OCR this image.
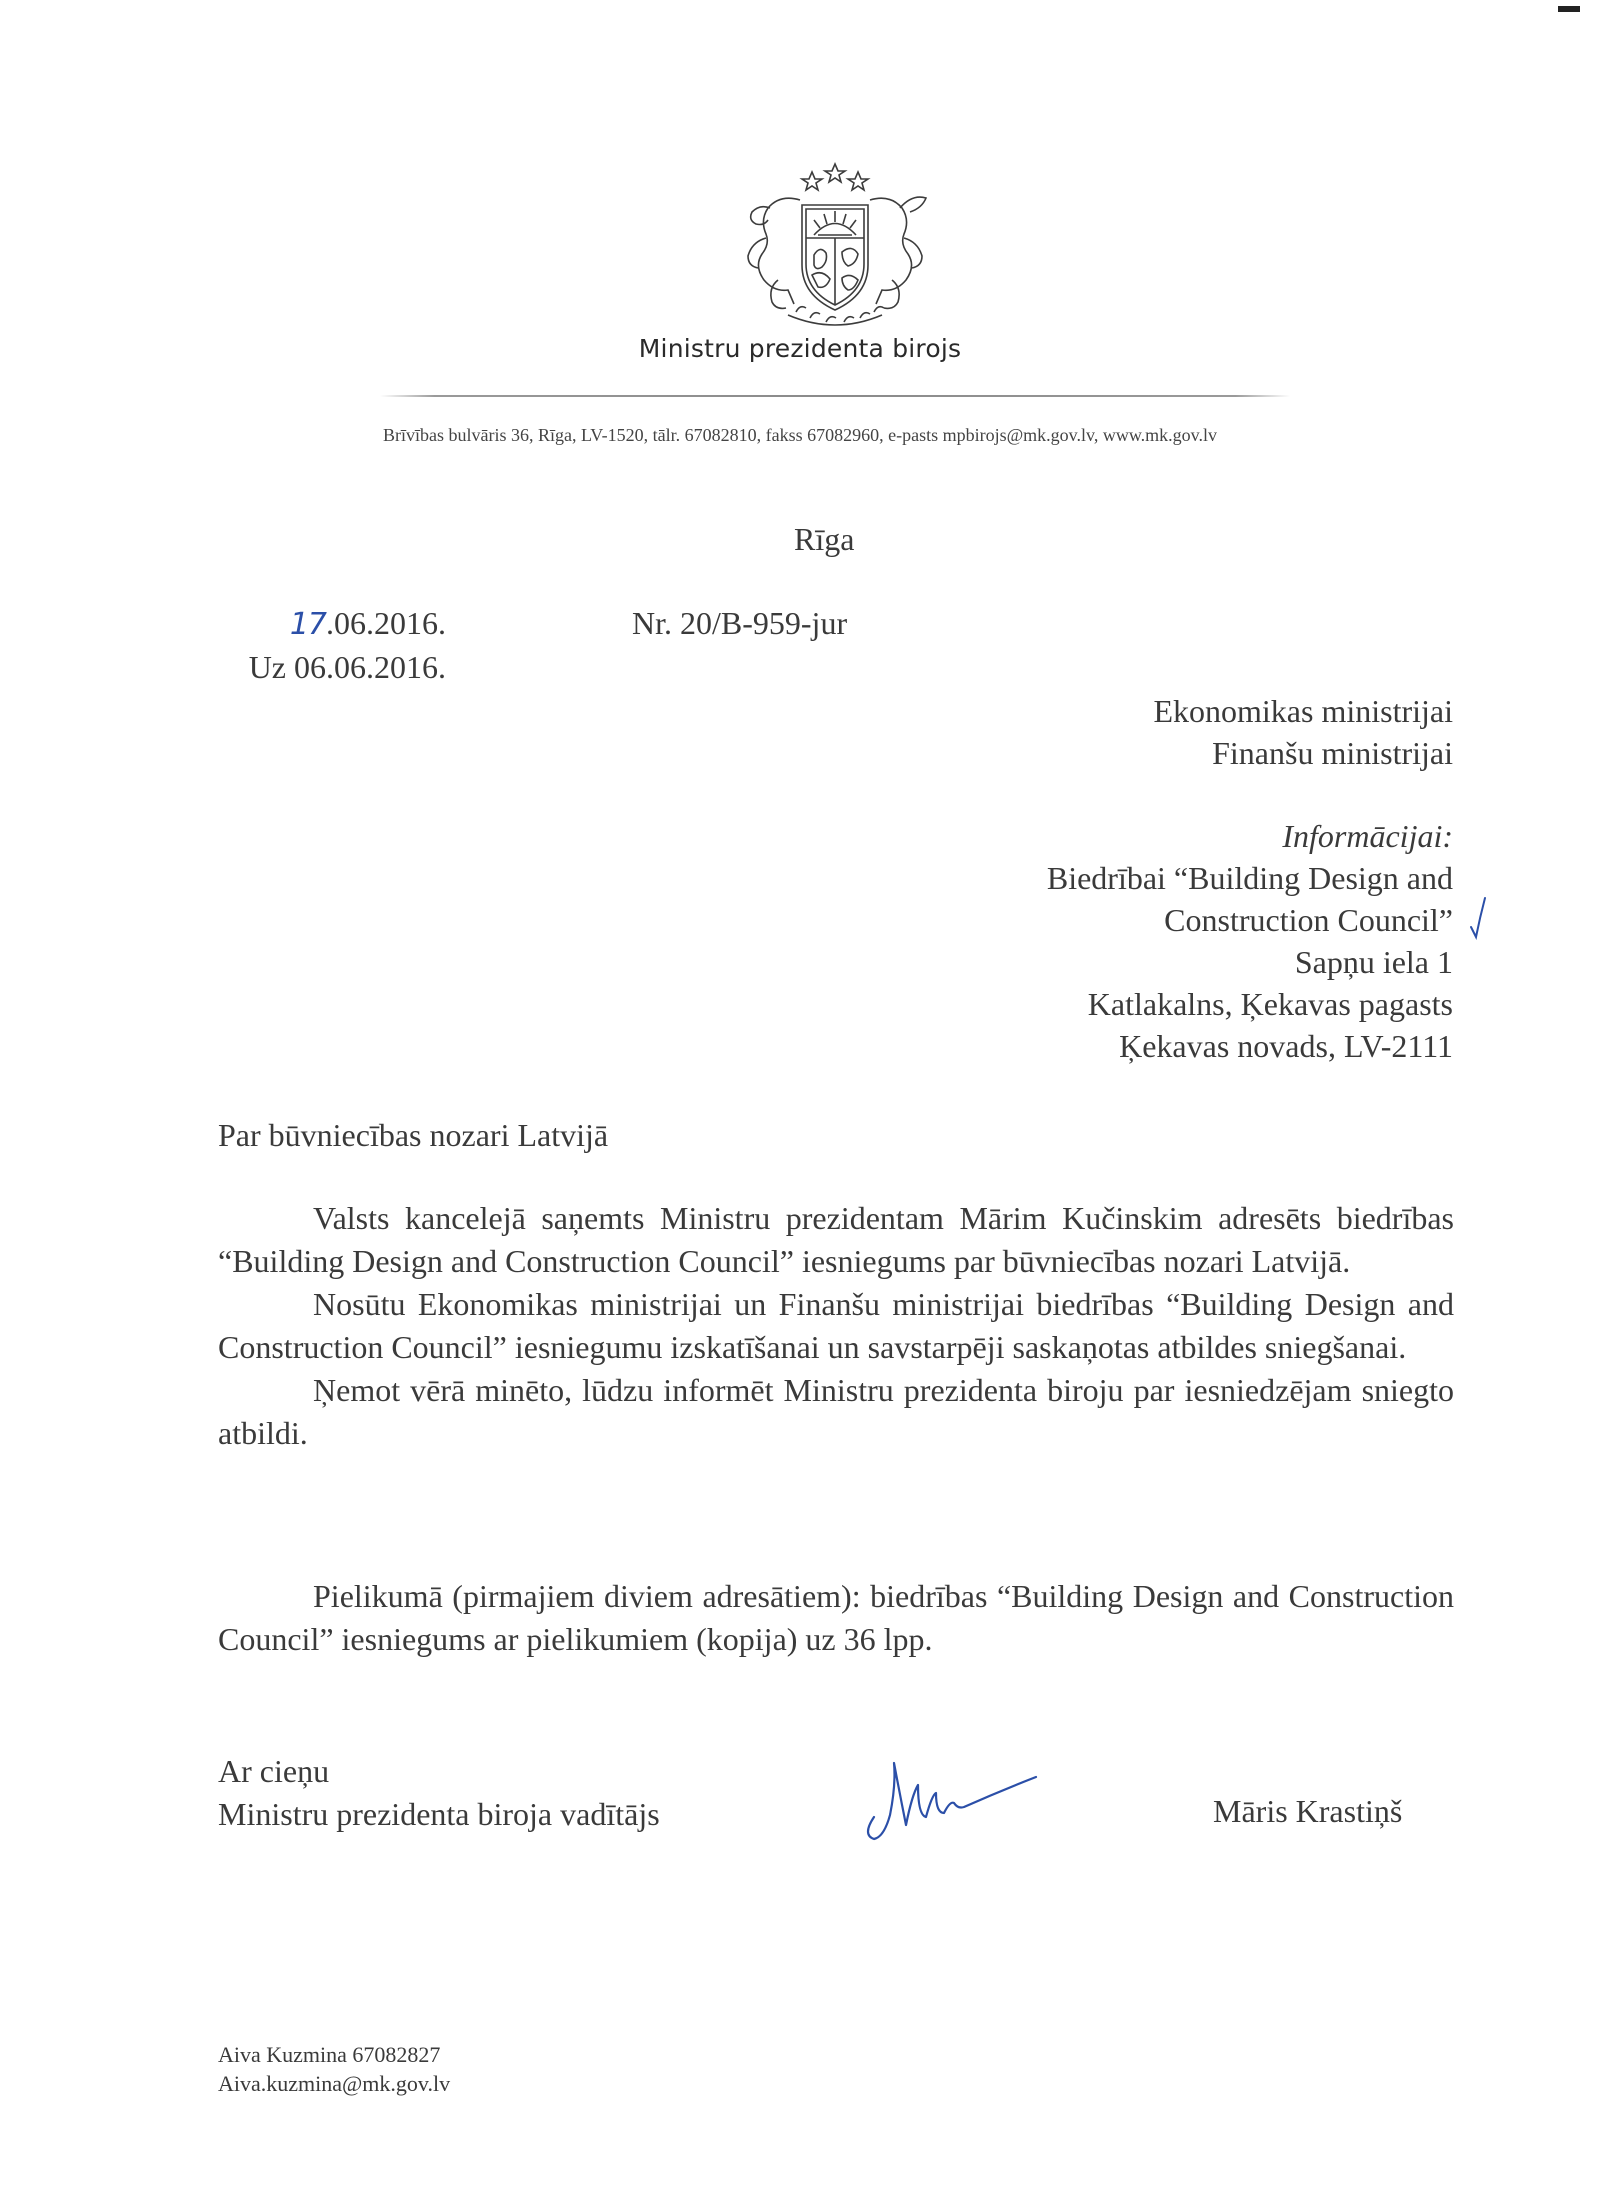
Ministru prezidenta birojs
Brīvības bulvāris 36, Rīga, LV-1520, tālr. 67082810, fakss 67082960, e-pasts mpbirojs@mk.gov.lv, www.mk.gov.lv
Rīga
17.06.2016.
Uz 06.06.2016.
Nr. 20/B-959-jur
Ekonomikas ministrijai
Finanšu ministrijai
Informācijai:
Biedrībai “Building Design and
Construction Council”
Sapņu iela 1
Katlakalns, Ķekavas pagasts
Ķekavas novads, LV-2111
Par būvniecības nozari Latvijā

Valsts kancelejā saņemts Ministru prezidentam Mārim Kučinskim adresēts biedrības “Building Design and Construction Council” iesniegums par būvniecības nozari Latvijā.

Nosūtu Ekonomikas ministrijai un Finanšu ministrijai biedrības “Building Design and Construction Council” iesniegumu izskatīšanai un savstarpēji saskaņotas atbildes sniegšanai.

Ņemot vērā minēto, lūdzu informēt Ministru prezidenta biroju par iesniedzējam sniegto atbildi.

Pielikumā (pirmajiem diviem adresātiem): biedrības “Building Design and Construction Council” iesniegums ar pielikumiem (kopija) uz 36 lpp.

Ar cieņu
Ministru prezidenta biroja vadītājs	Māris Krastiņš
Aiva Kuzmina 67082827
Aiva.kuzmina@mk.gov.lv
